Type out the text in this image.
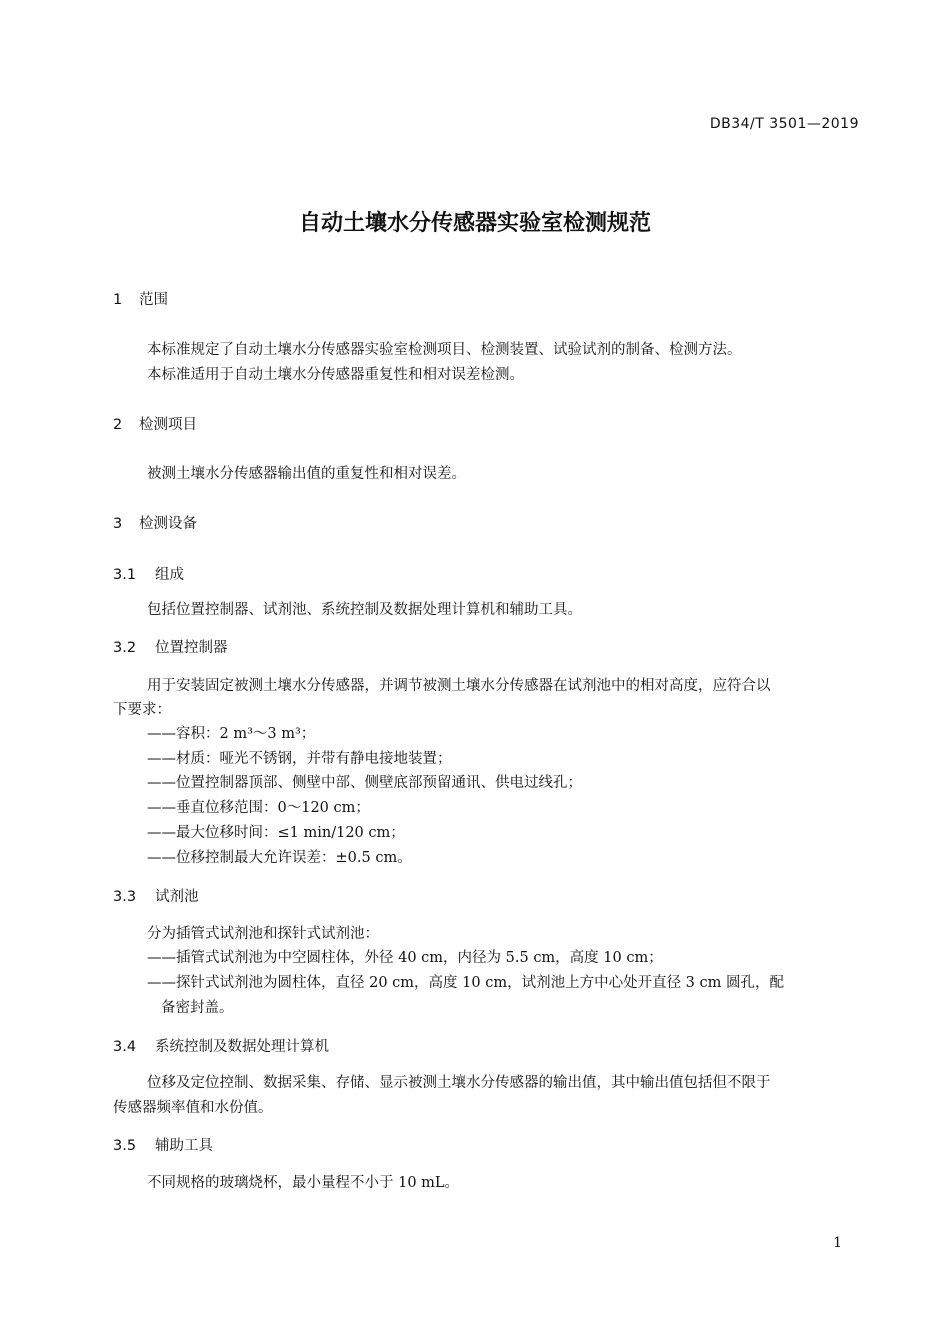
DB34/T 3501—2019
自动土壤水分传感器实验室检测规范
1 范围
本标准规定了自动土壤水分传感器实验室检测项目、检测装置、试验试剂的制备、检测方法。
本标准适用于自动土壤水分传感器重复性和相对误差检测。
2 检测项目
被测土壤水分传感器输出值的重复性和相对误差。
3 检测设备
3.1 组成
包括位置控制器、试剂池、系统控制及数据处理计算机和辅助工具。
3.2 位置控制器
用于安装固定被测土壤水分传感器，并调节被测土壤水分传感器在试剂池中的相对高度，应符合以
下要求：
——容积：2 m³～3 m³；
——材质：哑光不锈钢，并带有静电接地装置；
——位置控制器顶部、侧壁中部、侧壁底部预留通讯、供电过线孔；
——垂直位移范围：0～120 cm；
——最大位移时间：≤1 min/120 cm；
——位移控制最大允许误差：±0.5 cm。
3.3 试剂池
分为插管式试剂池和探针式试剂池：
——插管式试剂池为中空圆柱体，外径 40 cm，内径为 5.5 cm，高度 10 cm；
——探针式试剂池为圆柱体，直径 20 cm，高度 10 cm，试剂池上方中心处开直径 3 cm 圆孔，配
备密封盖。
3.4 系统控制及数据处理计算机
位移及定位控制、数据采集、存储、显示被测土壤水分传感器的输出值，其中输出值包括但不限于
传感器频率值和水份值。
3.5 辅助工具
不同规格的玻璃烧杯，最小量程不小于 10 mL。
1
